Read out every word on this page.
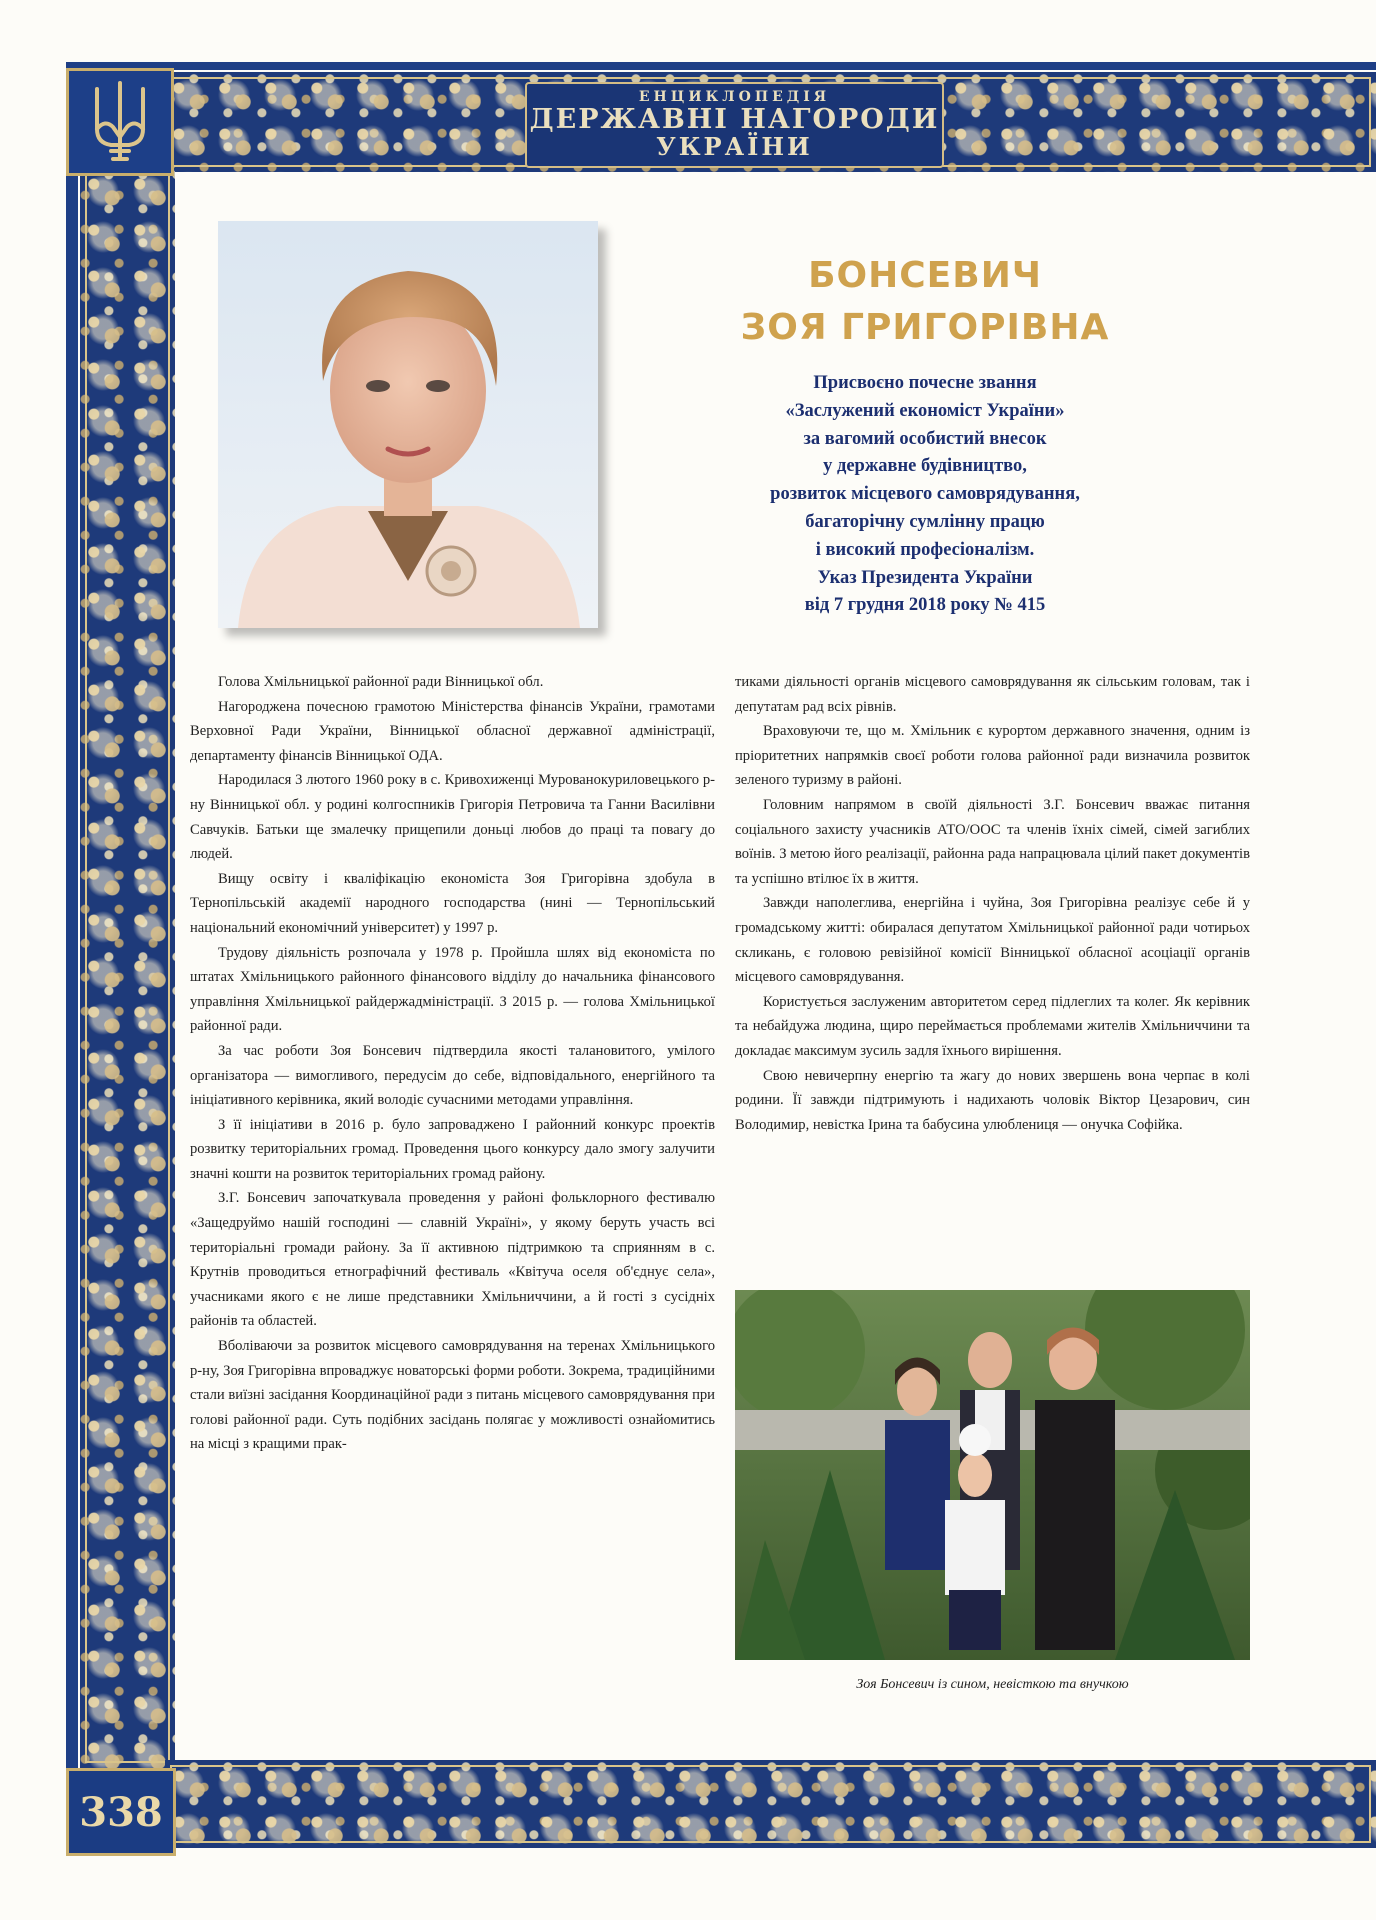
ЕНЦИКЛОПЕДІЯ
ДЕРЖАВНІ НАГОРОДИ
УКРАЇНИ
БОНСЕВИЧ
ЗОЯ ГРИГОРІВНА
Присвоєно почесне звання
«Заслужений економіст України»
за вагомий особистий внесок
у державне будівництво,
розвиток місцевого самоврядування,
багаторічну сумлінну працю
і високий професіоналізм.
Указ Президента України
від 7 грудня 2018 року № 415

Голова Хмільницької районної ради Вінницької обл.

Нагороджена почесною грамотою Міністерства фінансів України, грамотами Верховної Ради України, Вінницької обласної державної адміністрації, департаменту фінансів Вінницької ОДА.

Народилася 3 лютого 1960 року в с. Кривохиженці Мурованокуриловецького р-ну Вінницької обл. у родині колгоспників Григорія Петровича та Ганни Василівни Савчуків. Батьки ще змалечку прищепили доньці любов до праці та повагу до людей.

Вищу освіту і кваліфікацію економіста Зоя Григорівна здобула в Тернопільській академії народного господарства (нині — Тернопільський національний економічний університет) у 1997 р.

Трудову діяльність розпочала у 1978 р. Пройшла шлях від економіста по штатах Хмільницького районного фінансового відділу до начальника фінансового управління Хмільницької райдержадміністрації. З 2015 р. — голова Хмільницької районної ради.

За час роботи Зоя Бонсевич підтвердила якості талановитого, умілого організатора — вимогливого, передусім до себе, відповідального, енергійного та ініціативного керівника, який володіє сучасними методами управління.

З її ініціативи в 2016 р. було запроваджено І районний конкурс проектів розвитку територіальних громад. Проведення цього конкурсу дало змогу залучити значні кошти на розвиток територіальних громад району.

З.Г. Бонсевич започаткувала проведення у районі фольклорного фестивалю «Защедруймо нашій господині — славній Україні», у якому беруть участь всі територіальні громади району. За її активною підтримкою та сприянням в с. Крутнів проводиться етнографічний фестиваль «Квітуча оселя об'єднує села», учасниками якого є не лише представники Хмільниччини, а й гості з сусідніх районів та областей.

Вболіваючи за розвиток місцевого самоврядування на теренах Хмільницького р-ну, Зоя Григорівна впроваджує новаторські форми роботи. Зокрема, традиційними стали виїзні засідання Координаційної ради з питань місцевого самоврядування при голові районної ради. Суть подібних засідань полягає у можливості ознайомитись на місці з кращими прак-

тиками діяльності органів місцевого самоврядування як сільським головам, так і депутатам рад всіх рівнів.

Враховуючи те, що м. Хмільник є курортом державного значення, одним із пріоритетних напрямків своєї роботи голова районної ради визначила розвиток зеленого туризму в районі.

Головним напрямом в своїй діяльності З.Г. Бонсевич вважає питання соціального захисту учасників АТО/ООС та членів їхніх сімей, сімей загиблих воїнів. З метою його реалізації, районна рада напрацювала цілий пакет документів та успішно втілює їх в життя.

Завжди наполеглива, енергійна і чуйна, Зоя Григорівна реалізує себе й у громадському житті: обиралася депутатом Хмільницької районної ради чотирьох скликань, є головою ревізійної комісії Вінницької обласної асоціації органів місцевого самоврядування.

Користується заслуженим авторитетом серед підлеглих та колег. Як керівник та небайдужа людина, щиро переймається проблемами жителів Хмільниччини та докладає максимум зусиль задля їхнього вирішення.

Свою невичерпну енергію та жагу до нових звершень вона черпає в колі родини. Її завжди підтримують і надихають чоловік Віктор Цезарович, син Володимир, невістка Ірина та бабусина улюблениця — онучка Софійка.

Зоя Бонсевич із сином, невісткою та внучкою
338
